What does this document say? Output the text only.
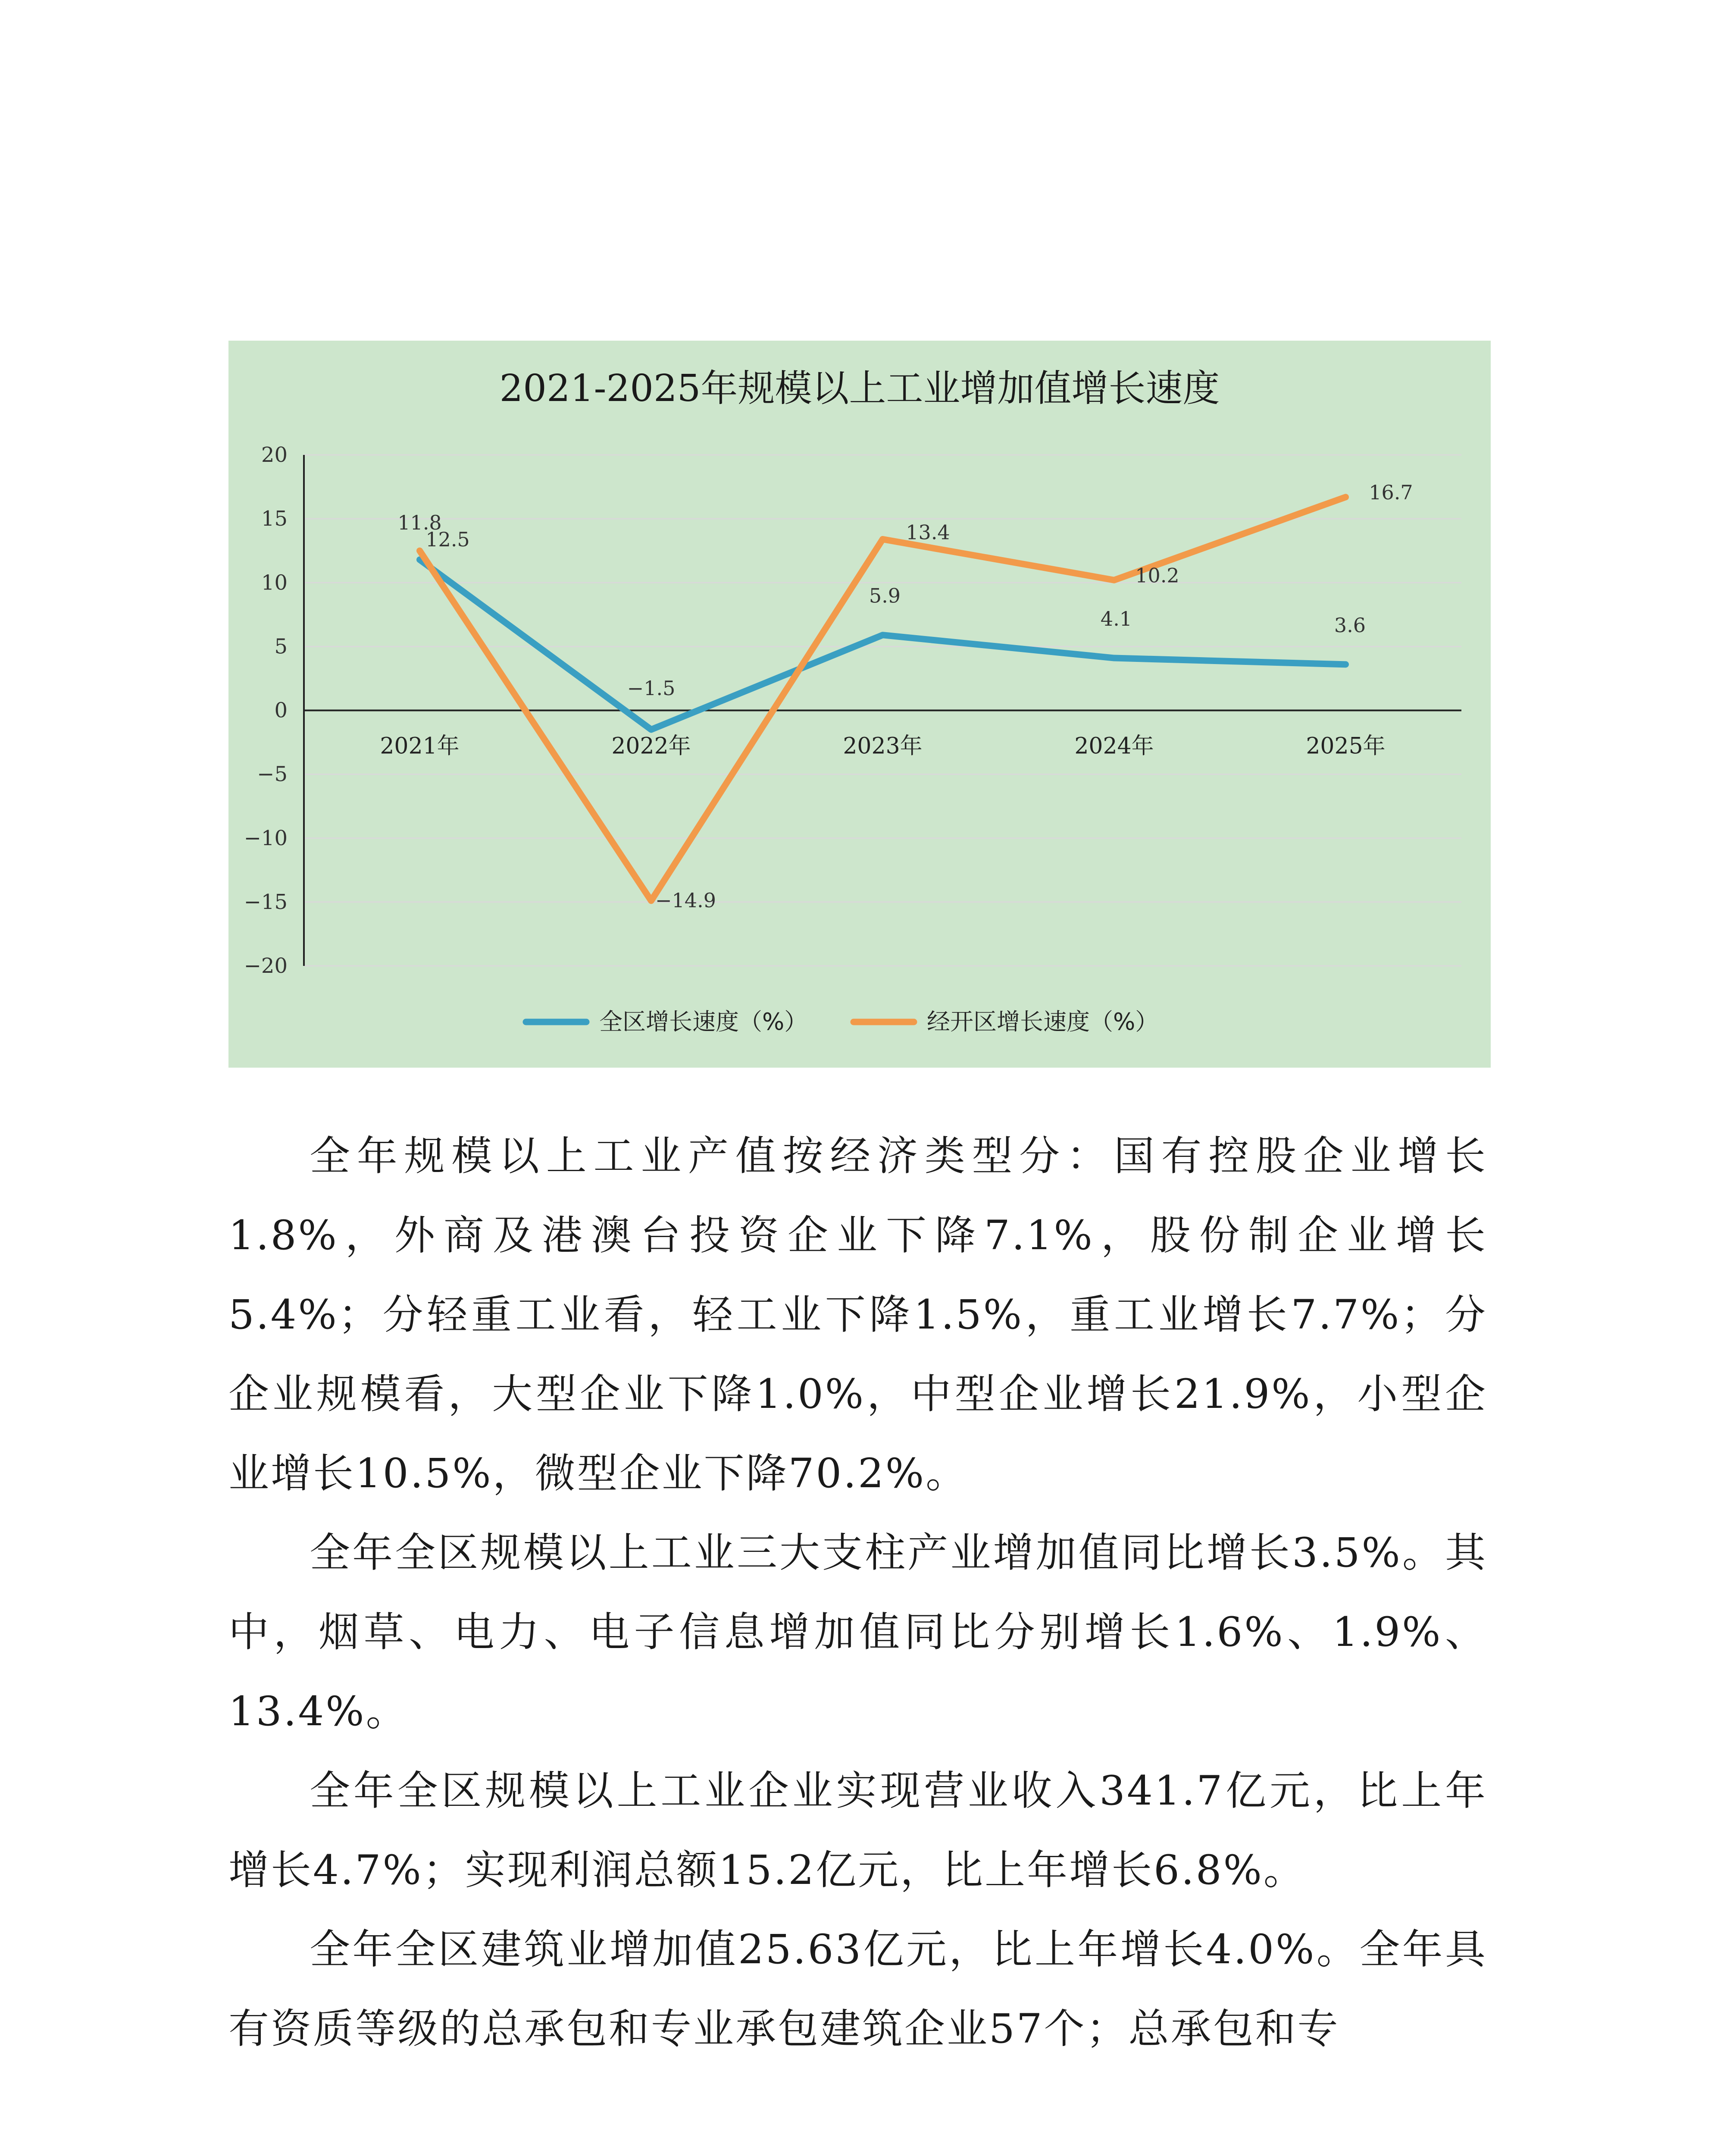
2021-2025年规模以上工业增加值增长速度
20
15
10
5
0
−5
−10
−15
−20
2021年	2022年	2023年	2024年	2025年
11.8
−1.5
5.9
4.1	3.6
12.5
−14.9
13.4
10.2
16.7
全区增长速度（%）	经开区增长速度（%）

全年规模以上工业产值按经济类型分：国有控股企业增长1.8%，外商及港澳台投资企业下降7.1%，股份制企业增长5.4%；分轻重工业看，轻工业下降1.5%，重工业增长7.7%；分企业规模看，大型企业下降1.0%，中型企业增长21.9%，小型企业增长10.5%，微型企业下降70.2%。

全年全区规模以上工业三大支柱产业增加值同比增长3.5%。其中，烟草、电力、电子信息增加值同比分别增长1.6%、1.9%、13.4%。

全年全区规模以上工业企业实现营业收入341.7亿元，比上年增长4.7%；实现利润总额15.2亿元，比上年增长6.8%。

全年全区建筑业增加值25.63亿元，比上年增长4.0%。全年具有资质等级的总承包和专业承包建筑企业57个；总承包和专
